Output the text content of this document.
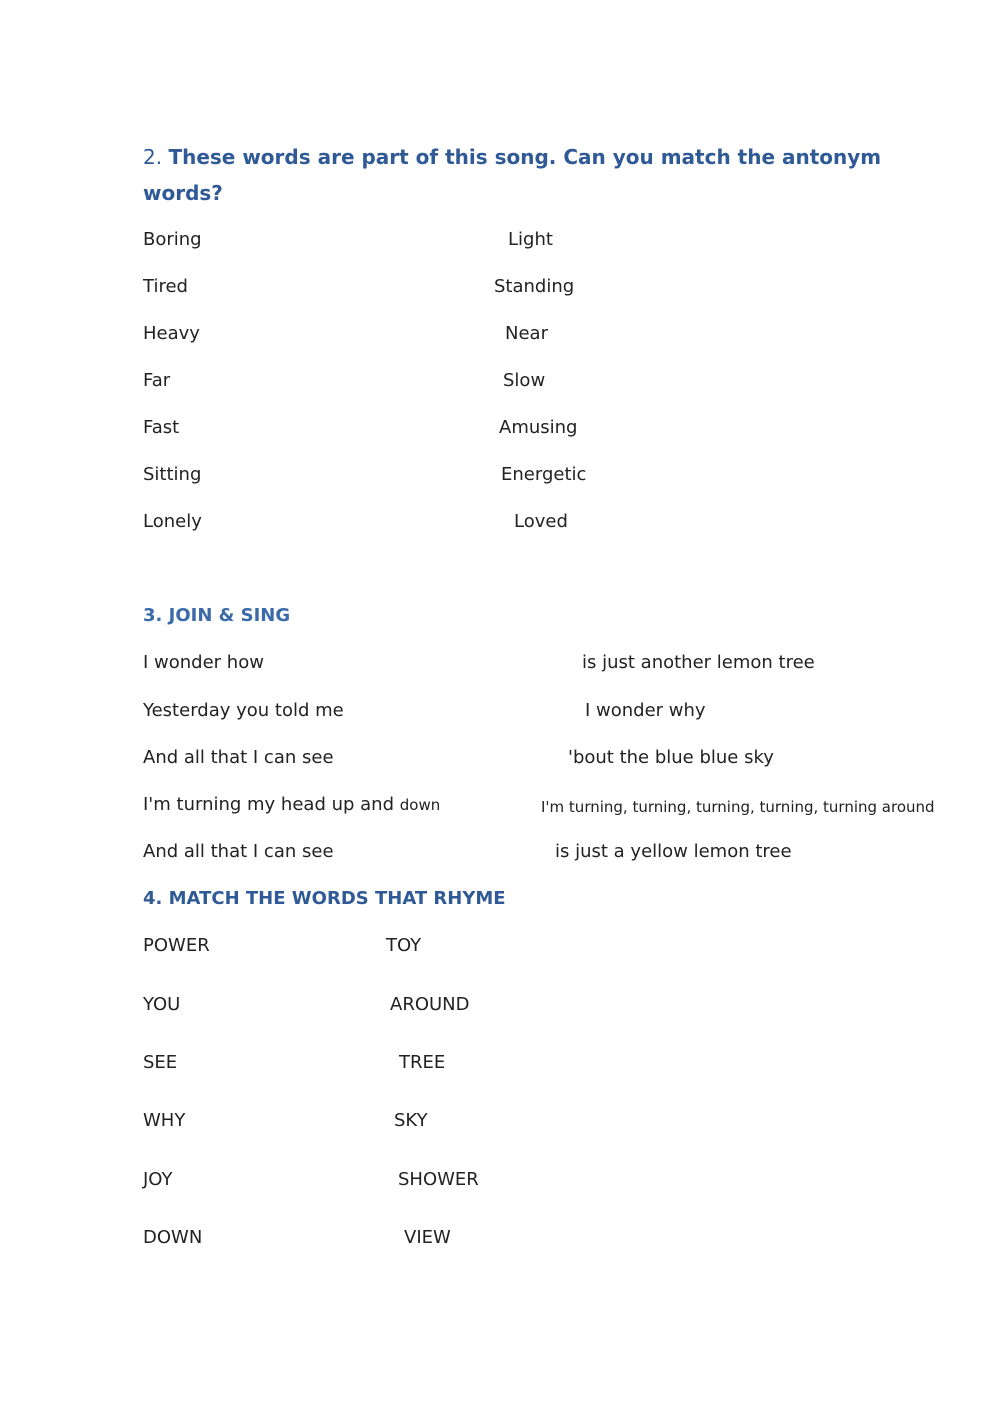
2. These words are part of this song. Can you match the antonym words?
Boring
Tired
Heavy
Far
Fast
Sitting
Lonely
Light
Standing
Near
Slow
Amusing
Energetic
Loved
3. JOIN & SING
I wonder how
Yesterday you told me
And all that I can see
I'm turning my head up and down
And all that I can see
is just another lemon tree
I wonder why
'bout the blue blue sky
I'm turning, turning, turning, turning, turning around
is just a yellow lemon tree
4. MATCH THE WORDS THAT RHYME
POWER
YOU
SEE
WHY
JOY
DOWN
TOY
AROUND
TREE
SKY
SHOWER
VIEW
